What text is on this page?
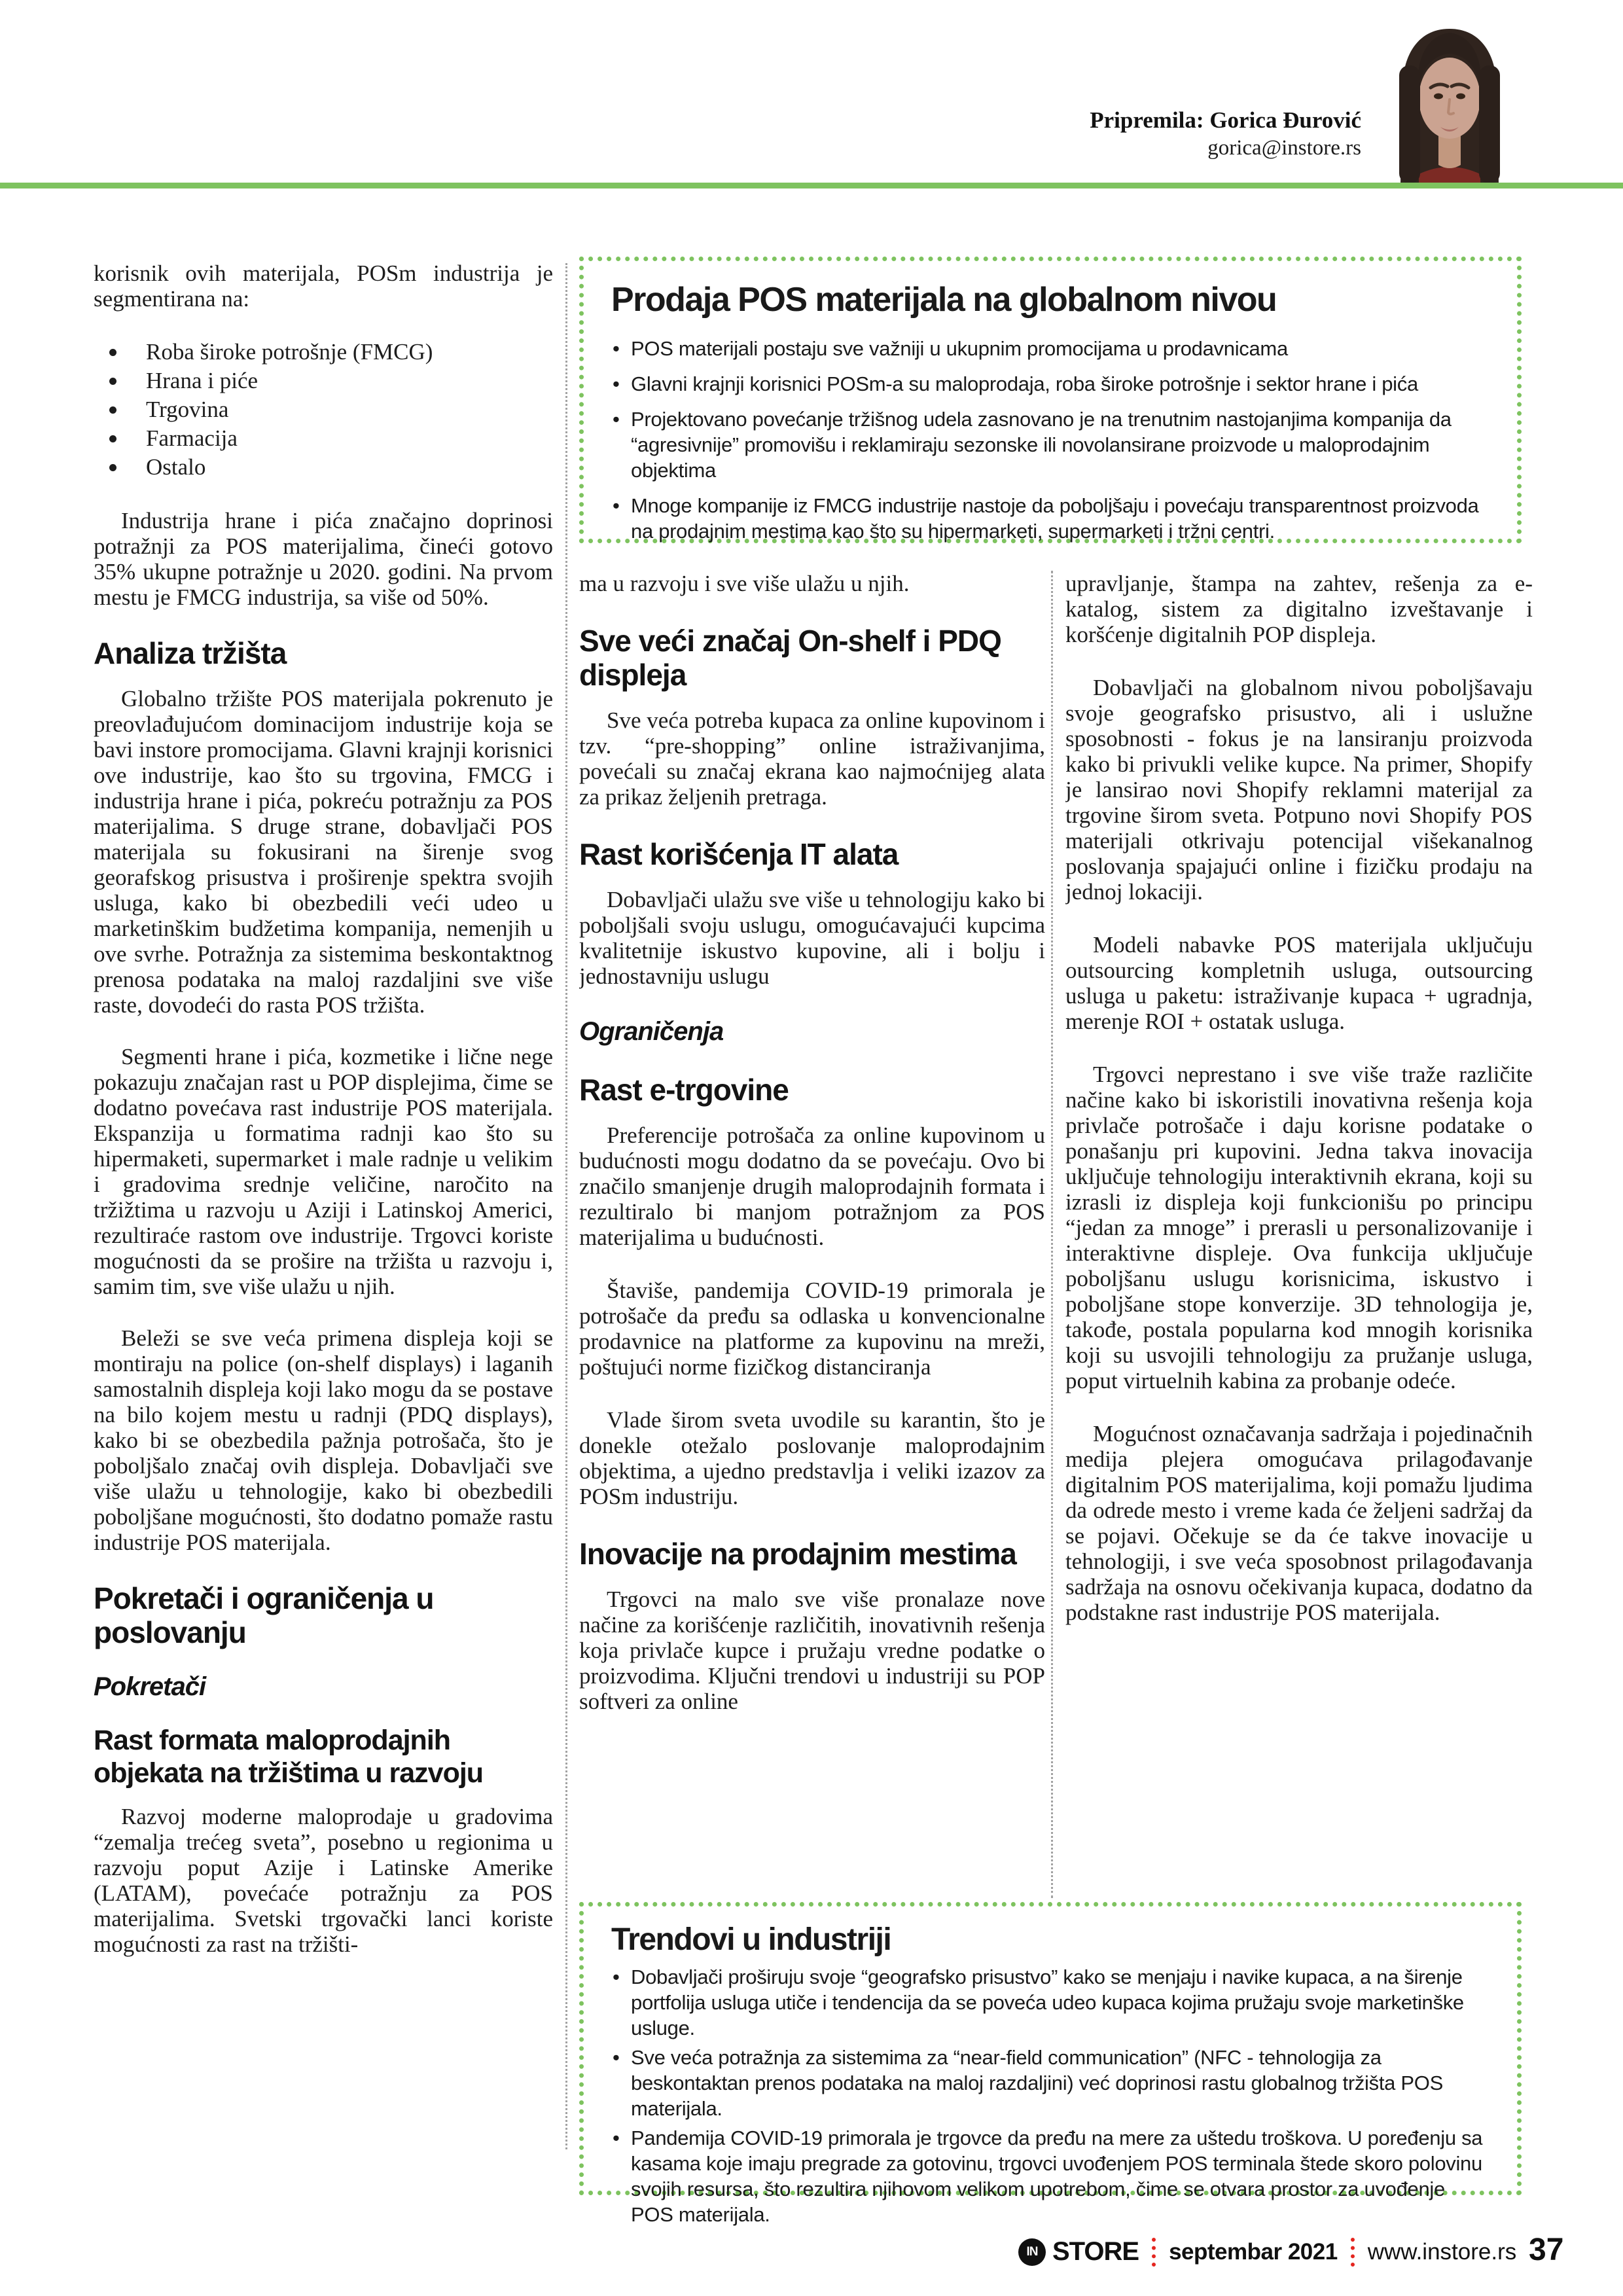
Pripremila: Gorica Đurović
gorica@instore.rs
Prodaja POS materijala na globalnom nivou
• POS materijali postaju sve važniji u ukupnim promocijama u prodavnicama
• Glavni krajnji korisnici POSm-a su maloprodaja, roba široke potrošnje i sektor hrane i pića
• Projektovano povećanje tržišnog udela zasnovano je na trenutnim nastojanjima kompanija da “agresivnije” promovišu i reklamiraju sezonske ili novolansirane proizvode u maloprodajnim objektima
• Mnoge kompanije iz FMCG industrije nastoje da poboljšaju i povećaju transparentnost proizvoda na prodajnim mestima kao što su hipermarketi, supermarketi i tržni centri.

korisnik ovih materijala, POSm industrija je segmentirana na:

Roba široke potrošnje (FMCG)
Hrana i piće
Trgovina
Farmacija
Ostalo

Industrija hrane i pića značajno doprinosi potražnji za POS materijalima, čineći gotovo 35% ukupne potražnje u 2020. godini. Na prvom mestu je FMCG industrija, sa više od 50%.

Analiza tržišta

Globalno tržište POS materijala pokrenuto je preovlađujućom dominacijom industrije koja se bavi instore promocijama. Glavni krajnji korisnici ove industrije, kao što su trgovina, FMCG i industrija hrane i pića, pokreću potražnju za POS materijalima. S druge strane, dobavljači POS materijala su fokusirani na širenje svog georafskog prisustva i proširenje spektra svojih usluga, kako bi obezbedili veći udeo u marketinškim budžetima kompanija, nemenjih u ove svrhe. Potražnja za sistemima beskontaktnog prenosa podataka na maloj razdaljini sve više raste, dovodeći do rasta POS tržišta.

Segmenti hrane i pića, kozmetike i lične nege pokazuju značajan rast u POP displejima, čime se dodatno povećava rast industrije POS materijala. Ekspanzija u formatima radnji kao što su hipermaketi, supermarket i male radnje u velikim i gradovima srednje veličine, naročito na tržižtima u razvoju u Aziji i Latinskoj Americi, rezultiraće rastom ove industrije. Trgovci koriste mogućnosti da se prošire na tržišta u razvoju i, samim tim, sve više ulažu u njih.

Beleži se sve veća primena displeja koji se montiraju na police (on-shelf displays) i laganih samostalnih displeja koji lako mogu da se postave na bilo kojem mestu u radnji (PDQ displays), kako bi se obezbedila pažnja potrošača, što je poboljšalo značaj ovih displeja. Dobavljači sve više ulažu u tehnologije, kako bi obezbedili poboljšane mogućnosti, što dodatno pomaže rastu industrije POS materijala.

Pokretači i ograničenja u poslovanju
Pokretači
Rast formata maloprodajnih objekata na tržištima u razvoju

Razvoj moderne maloprodaje u gradovima “zemalja trećeg sveta”, posebno u regionima u razvoju poput Azije i Latinske Amerike (LATAM), povećaće potražnju za POS materijalima. Svetski trgovački lanci koriste mogućnosti za rast na tržišti-

ma u razvoju i sve više ulažu u njih.

Sve veći značaj On-shelf i PDQ displeja

Sve veća potreba kupaca za online kupovinom i tzv. “pre-shopping” online istraživanjima, povećali su značaj ekrana kao najmoćnijeg alata za prikaz željenih pretraga.

Rast korišćenja IT alata

Dobavljači ulažu sve više u tehnologiju kako bi poboljšali svoju uslugu, omogućavajući kupcima kvalitetnije iskustvo kupovine, ali i bolju i jednostavniju uslugu

Ograničenja
Rast e-trgovine

Preferencije potrošača za online kupovinom u budućnosti mogu dodatno da se povećaju. Ovo bi značilo smanjenje drugih maloprodajnih formata i rezultiralo bi manjom potražnjom za POS materijalima u budućnosti.

Štaviše, pandemija COVID-19 primorala je potrošače da pređu sa odlaska u konvencionalne prodavnice na platforme za kupovinu na mreži, poštujući norme fizičkog distanciranja

Vlade širom sveta uvodile su karantin, što je donekle otežalo poslovanje maloprodajnim objektima, a ujedno predstavlja i veliki izazov za POSm industriju.

Inovacije na prodajnim mestima

Trgovci na malo sve više pronalaze nove načine za korišćenje različitih, inovativnih rešenja koja privlače kupce i pružaju vredne podatke o proizvodima. Ključni trendovi u industriji su POP softveri za online

upravljanje, štampa na zahtev, rešenja za e-katalog, sistem za digitalno izveštavanje i koršćenje digitalnih POP displeja.

Dobavljači na globalnom nivou poboljšavaju svoje geografsko prisustvo, ali i uslužne sposobnosti - fokus je na lansiranju proizvoda kako bi privukli velike kupce. Na primer, Shopify je lansirao novi Shopify reklamni materijal za trgovine širom sveta. Potpuno novi Shopify POS materijali otkrivaju potencijal višekanalnog poslovanja spajajući online i fizičku prodaju na jednoj lokaciji.

Modeli nabavke POS materijala uključuju outsourcing kompletnih usluga, outsourcing usluga u paketu: istraživanje kupaca + ugradnja, merenje ROI + ostatak usluga.

Trgovci neprestano i sve više traže različite načine kako bi iskoristili inovativna rešenja koja privlače potrošače i daju korisne podatake o ponašanju pri kupovini. Jedna takva inovacija uključuje tehnologiju interaktivnih ekrana, koji su izrasli iz displeja koji funkcionišu po principu “jedan za mnoge” i prerasli u personalizovanije i interaktivne displeje. Ova funkcija uključuje poboljšanu uslugu korisnicima, iskustvo i poboljšane stope konverzije. 3D tehnologija je, takođe, postala popularna kod mnogih korisnika koji su usvojili tehnologiju za pružanje usluga, poput virtuelnih kabina za probanje odeće.

Mogućnost označavanja sadržaja i pojedinačnih medija plejera omogućava prilagođavanje digitalnim POS materijalima, koji pomažu ljudima da odrede mesto i vreme kada će željeni sadržaj da se pojavi. Očekuje se da će takve inovacije u tehnologiji, i sve veća sposobnost prilagođavanja sadržaja na osnovu očekivanja kupaca, dodatno da podstakne rast industrije POS materijala.

Trendovi u industriji
• Dobavljači proširuju svoje “geografsko prisustvo” kako se menjaju i navike kupaca, a na širenje portfolija usluga utiče i tendencija da se poveća udeo kupaca kojima pružaju svoje marketinške usluge.
• Sve veća potražnja za sistemima za “near-field communication” (NFC - tehnologija za beskontaktan prenos podataka na maloj razdaljini) već doprinosi rastu globalnog tržišta POS materijala.
• Pandemija COVID-19 primorala je trgovce da pređu na mere za uštedu troškova. U poređenju sa kasama koje imaju pregrade za gotovinu, trgovci uvođenjem POS terminala štede skoro polovinu svojih resursa, što rezultira njihovom velikom upotrebom, čime se otvara prostor za uvođenje POS materijala.
IN STORE septembar 2021 www.instore.rs 37
